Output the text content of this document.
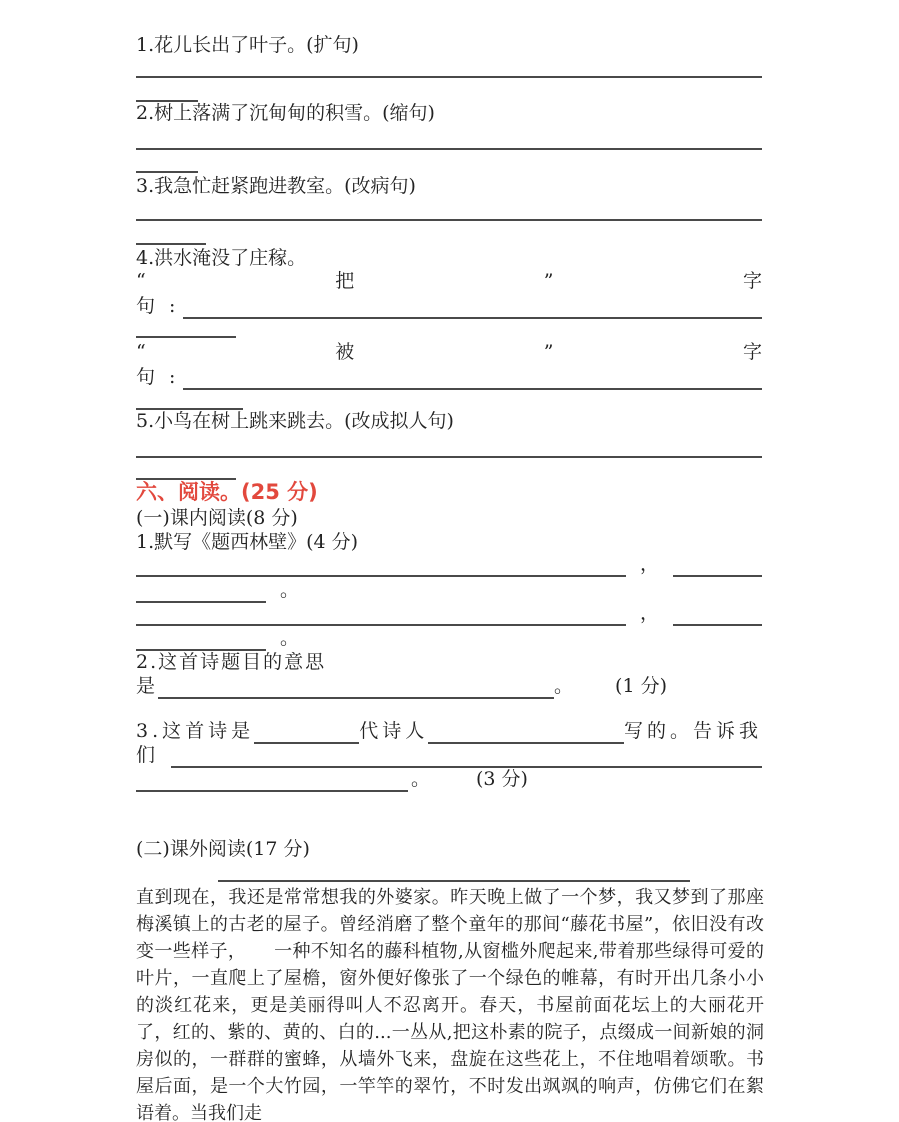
1.花儿长出了叶子。(扩句)
2.树上落满了沉甸甸的积雪。(缩句)
3.我急忙赶紧跑进教室。(改病句)
4.洪水淹没了庄稼。
“	把	”	字
句 :
“	被	”	字
句 :
5.小鸟在树上跳来跳去。(改成拟人句)
六、阅读。(25 分)
(一)课内阅读(8 分)
1.默写《题西林壁》(4 分)
，
。
，
。
2.这首诗题目的意思
是	。 (1 分)
3.这首诗是	代诗人	写的。告诉我
们
。 (3 分)
(二)课外阅读(17 分)
直到现在，我还是常常想我的外婆家。昨天晚上做了一个梦，我又梦到了那座梅溪镇上的古老的屋子。曾经消磨了整个童年的那间“藤花书屋”，依旧没有改变一些样子，　　一种不知名的藤科植物,从窗槛外爬起来,带着那些绿得可爱的叶片，一直爬上了屋檐，窗外便好像张了一个绿色的帷幕，有时开出几条小小的淡红花来，更是美丽得叫人不忍离开。春天，书屋前面花坛上的大丽花开了，红的、紫的、黄的、白的...一丛从,把这朴素的院子，点缀成一间新娘的洞房似的，一群群的蜜蜂，从墙外飞来，盘旋在这些花上，不住地唱着颂歌。书屋后面，是一个大竹园，一竿竿的翠竹，不时发出飒飒的响声，仿佛它们在絮语着。当我们走
